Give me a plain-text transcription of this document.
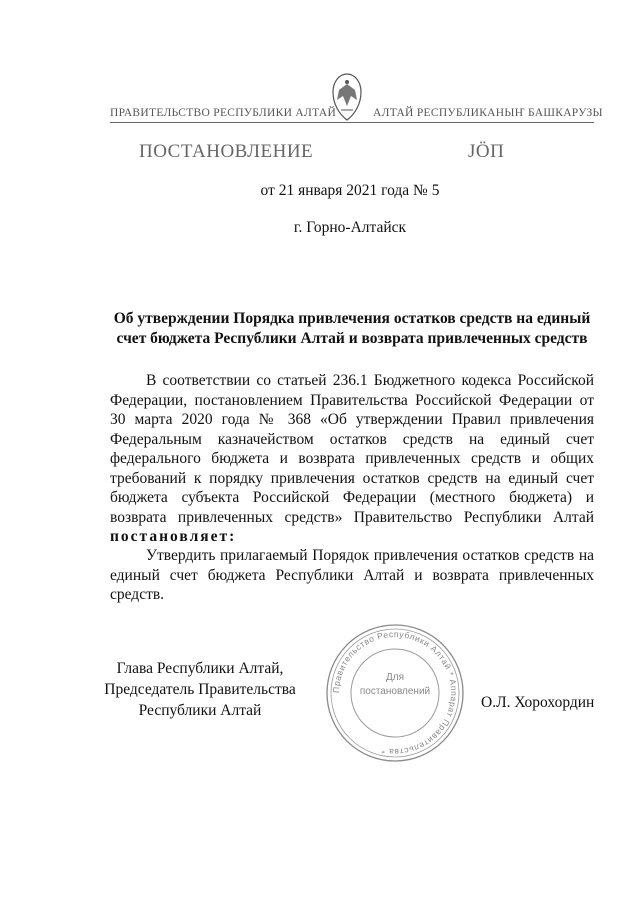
ПРАВИТЕЛЬСТВО РЕСПУБЛИКИ АЛТАЙ	АЛТАЙ РЕСПУБЛИКАНЫҤ БАШКАРУЗЫ
ПОСТАНОВЛЕНИЕ	ЈӦП
от 21 января 2021 года № 5
г. Горно-Алтайск
Об утверждении Порядка привлечения остатков средств на единый
счет бюджета Республики Алтай и возврата привлеченных средств
В соответствии со статьей 236.1 Бюджетного кодекса Российской Федерации, постановлением Правительства Российской Федерации от 30 марта 2020 года № 368 «Об утверждении Правил привлечения Федеральным казначейством остатков средств на единый счет федерального бюджета и возврата привлеченных средств и общих требований к порядку привлечения остатков средств на единый счет бюджета субъекта Российской Федерации (местного бюджета) и возврата привлеченных средств» Правительство Республики Алтай постановляет:
Утвердить прилагаемый Порядок привлечения остатков средств на единый счет бюджета Республики Алтай и возврата привлеченных средств.
Глава Республики Алтай,
Председатель Правительства
Республики Алтай
Правительство Республики Алтай * Аппарат Правительства *
Для
постановлений
О.Л. Хорохордин
